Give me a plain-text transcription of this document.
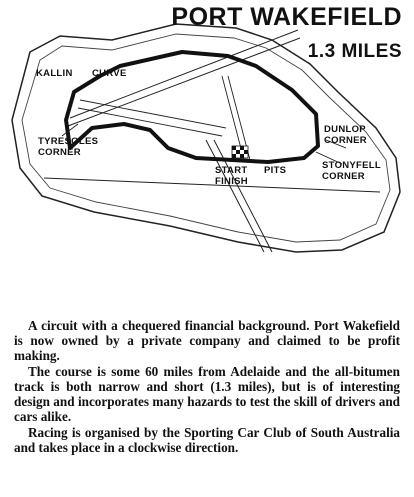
PORT WAKEFIELD
1.3 MILES
KALLIN CURVE
TYRESOLES
CORNER
DUNLOP
CORNER
STONYFELL
CORNER
START
FINISH
PITS

A circuit with a chequered financial background. Port Wakefield is now owned by a private company and claimed to be profit making.

The course is some 60 miles from Adelaide and the all-bitumen track is both narrow and short (1.3 miles), but is of interesting design and incorporates many hazards to test the skill of drivers and cars alike.

Racing is organised by the Sporting Car Club of South Australia and takes place in a clockwise direction.
